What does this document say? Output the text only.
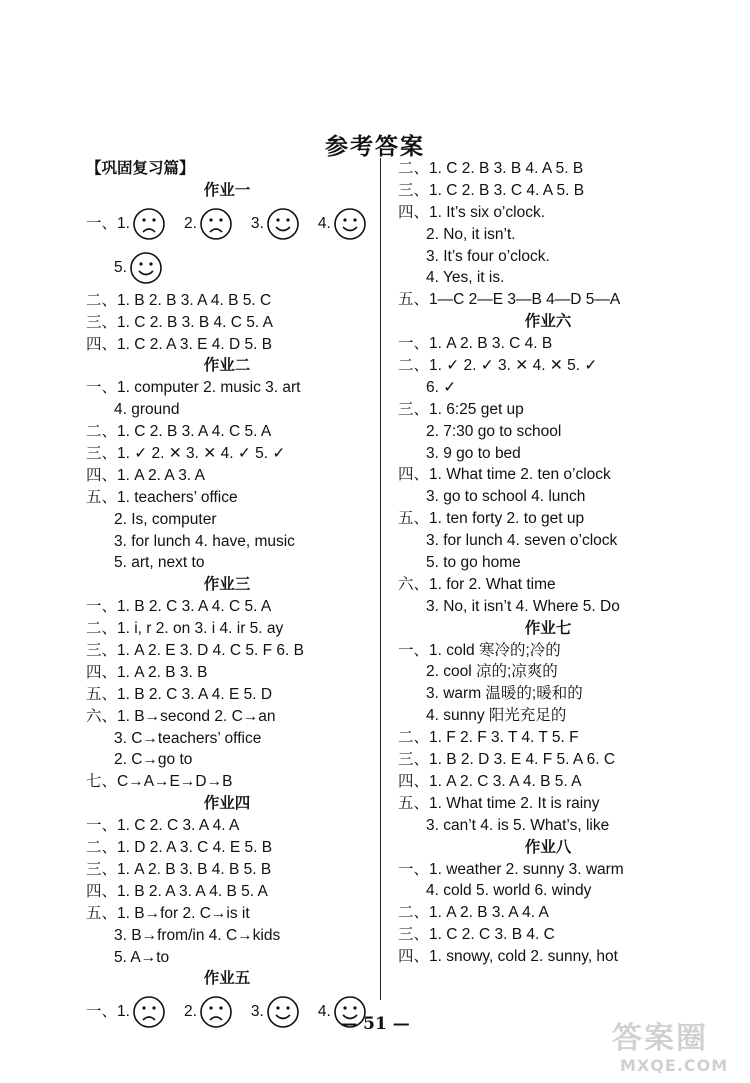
参考答案
【巩固复习篇】
作业一
一、1.	2.	3.	4.
5.
二、1. B 2. B 3. A 4. B 5. C
三、1. C 2. B 3. B 4. C 5. A
四、1. C 2. A 3. E 4. D 5. B
作业二
一、1. computer 2. music 3. art
4. ground
二、1. C 2. B 3. A 4. C 5. A
三、1. ✓ 2. ✕ 3. ✕ 4. ✓ 5. ✓
四、1. A 2. A 3. A
五、1. teachers’ office
2. Is, computer
3. for lunch 4. have, music
5. art, next to
作业三
一、1. B 2. C 3. A 4. C 5. A
二、1. i, r 2. on 3. i 4. ir 5. ay
三、1. A 2. E 3. D 4. C 5. F 6. B
四、1. A 2. B 3. B
五、1. B 2. C 3. A 4. E 5. D
六、1. B→second 2. C→an
3. C→teachers’ office
2. C→go to
七、C→A→E→D→B
作业四
一、1. C 2. C 3. A 4. A
二、1. D 2. A 3. C 4. E 5. B
三、1. A 2. B 3. B 4. B 5. B
四、1. B 2. A 3. A 4. B 5. A
五、1. B→for 2. C→is it
3. B→from/in 4. C→kids
5. A→to
作业五
一、1.	2.	3.	4.
二、1. C 2. B 3. B 4. A 5. B
三、1. C 2. B 3. C 4. A 5. B
四、1. It’s six o’clock.
2. No, it isn’t.
3. It’s four o’clock.
4. Yes, it is.
五、1—C 2—E 3—B 4—D 5—A
作业六
一、1. A 2. B 3. C 4. B
二、1. ✓ 2. ✓ 3. ✕ 4. ✕ 5. ✓
6. ✓
三、1. 6:25 get up
2. 7:30 go to school
3. 9 go to bed
四、1. What time 2. ten o’clock
3. go to school 4. lunch
五、1. ten forty 2. to get up
3. for lunch 4. seven o’clock
5. to go home
六、1. for 2. What time
3. No, it isn’t 4. Where 5. Do
作业七
一、1. cold 寒冷的;冷的
2. cool 凉的;凉爽的
3. warm 温暖的;暖和的
4. sunny 阳光充足的
二、1. F 2. F 3. T 4. T 5. F
三、1. B 2. D 3. E 4. F 5. A 6. C
四、1. A 2. C 3. A 4. B 5. A
五、1. What time 2. It is rainy
3. can’t 4. is 5. What’s, like
作业八
一、1. weather 2. sunny 3. warm
4. cold 5. world 6. windy
二、1. A 2. B 3. A 4. A
三、1. C 2. C 3. B 4. C
四、1. snowy, cold 2. sunny, hot
— 51 —	答案圈
MXQE.COM
